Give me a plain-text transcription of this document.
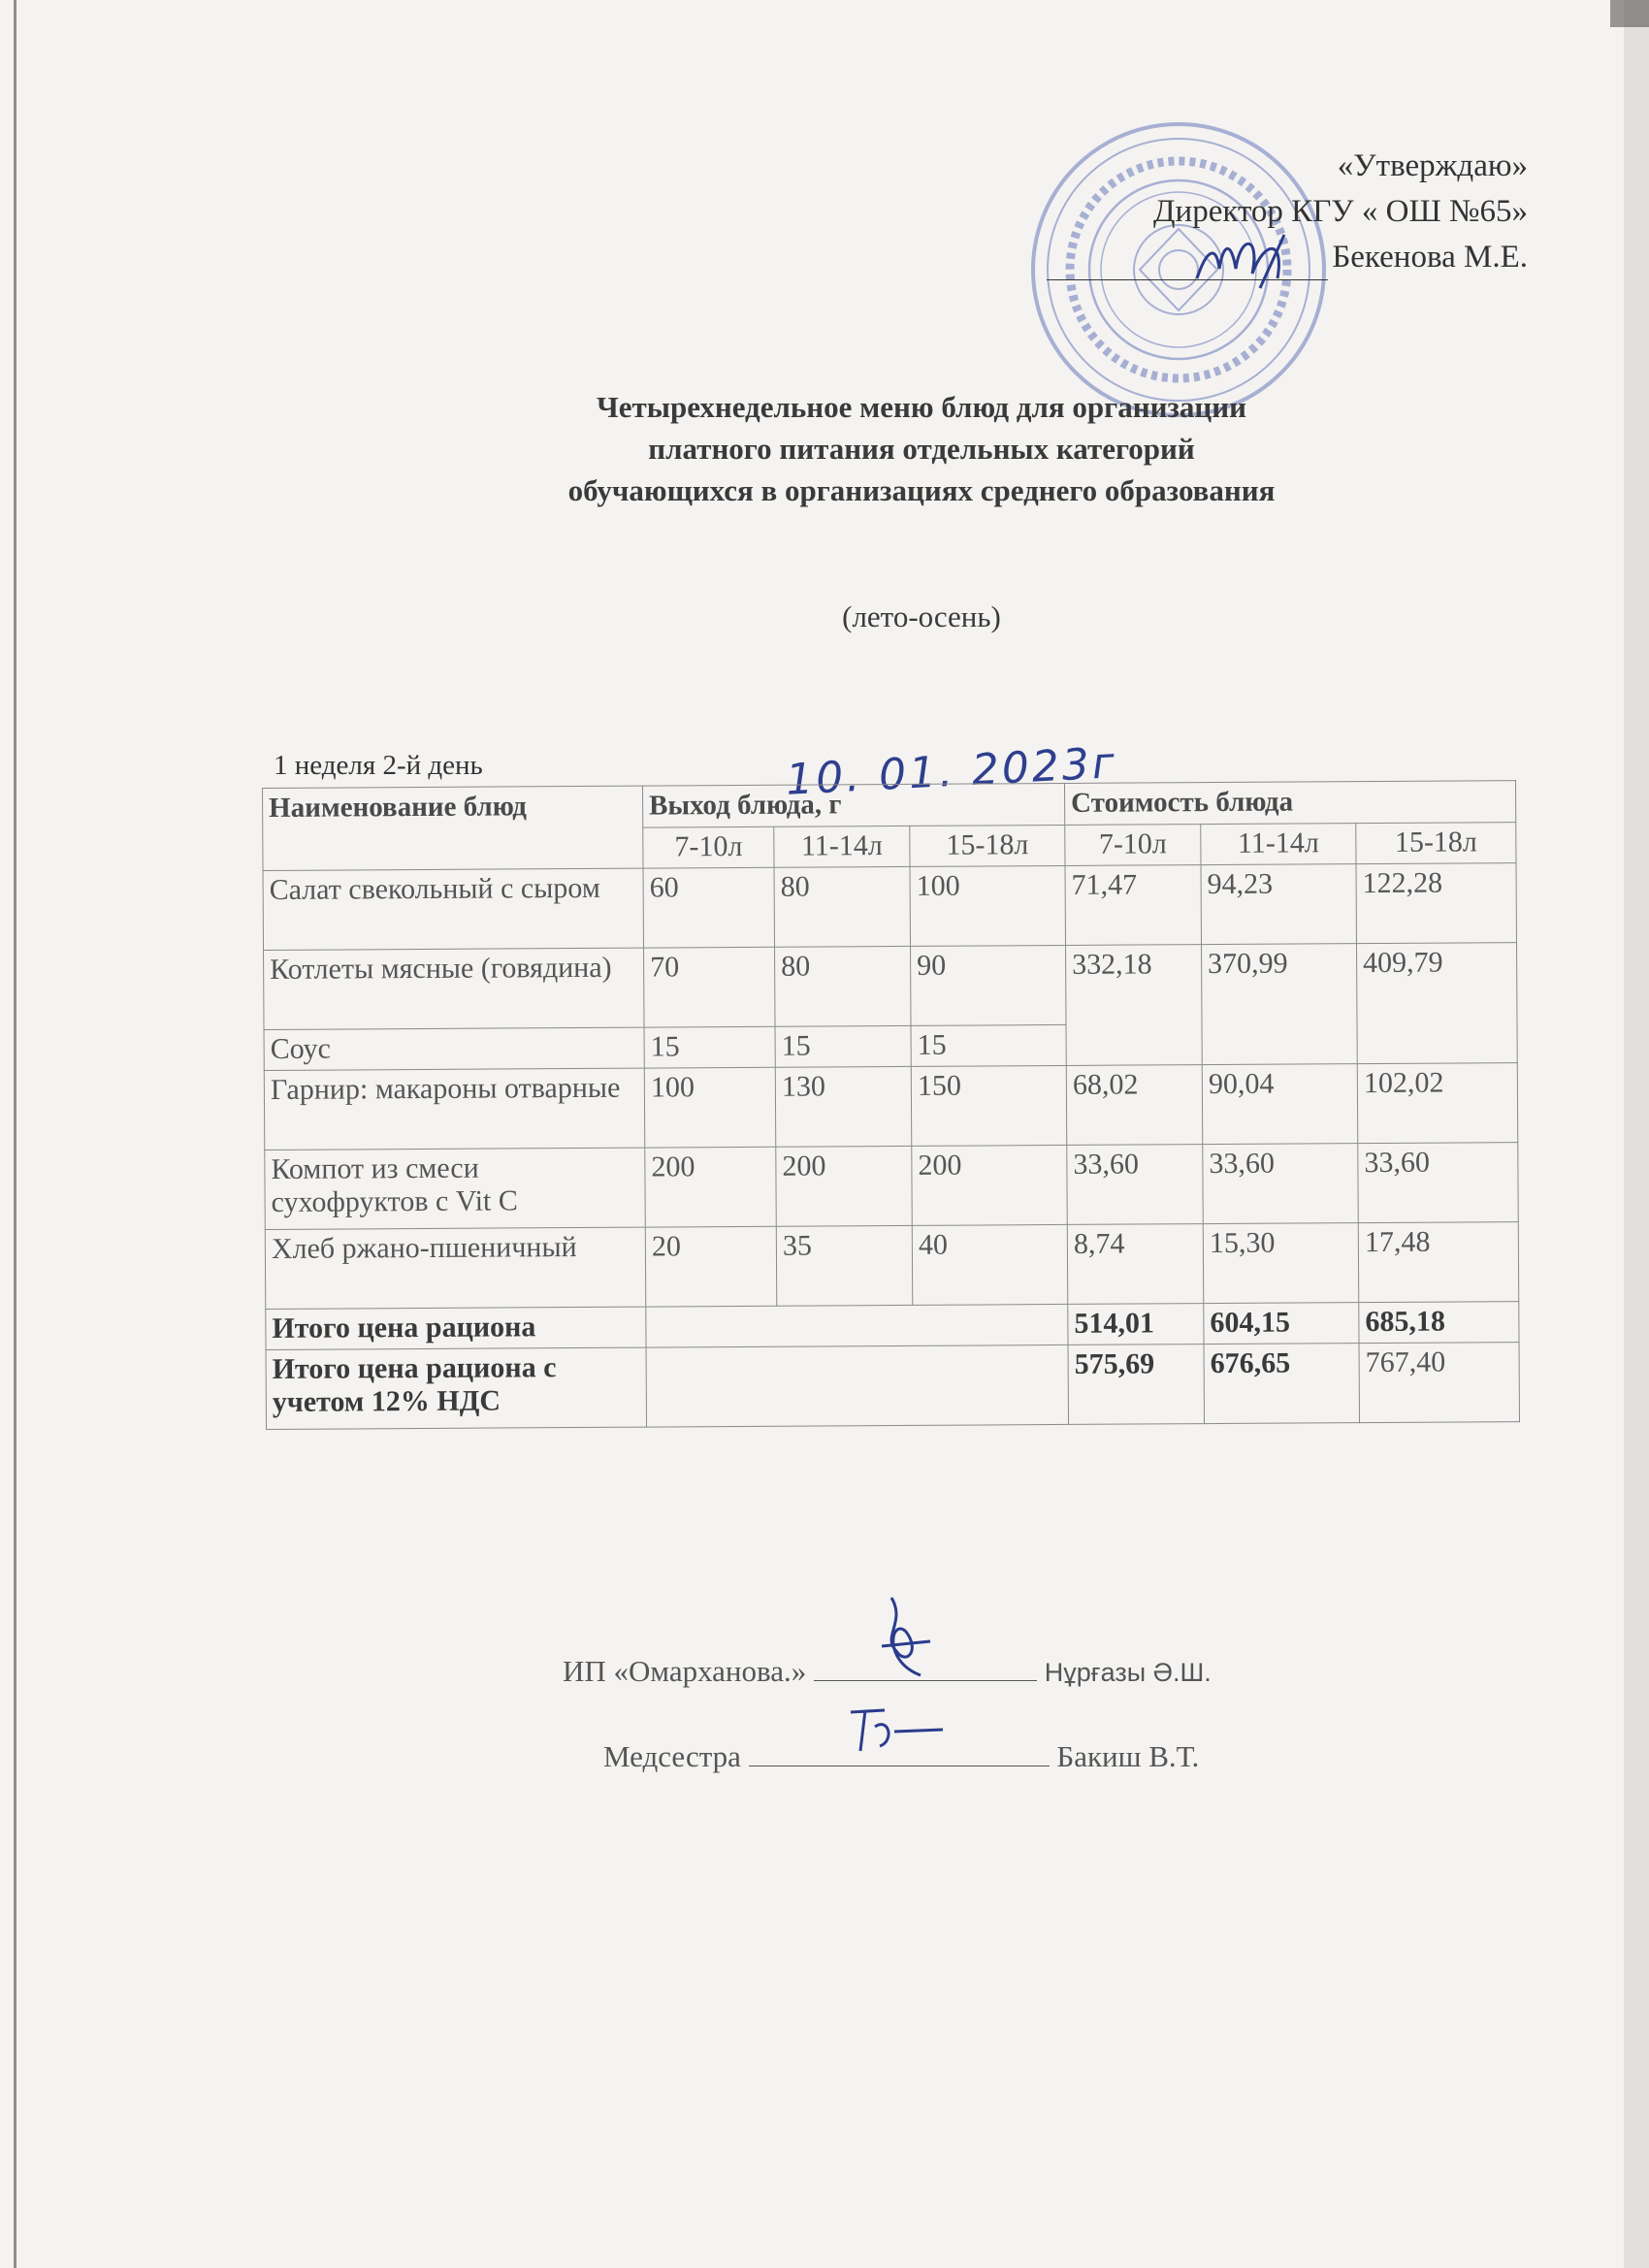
«Утверждаю»
Директор КГУ « ОШ №65»
Бекенова М.Е.
Четырехнедельное меню блюд для организации
платного питания отдельных категорий
обучающихся в организациях среднего образования
(лето-осень)
1 неделя 2-й день	10. 01. 2023г
Наименование блюд	Выход блюда, г			Стоимость блюда		
	7-10л	11-14л	15-18л	7-10л	11-14л	15-18л
Салат свекольный с сыром	60	80	100	71,47	94,23	122,28
Котлеты мясные (говядина)	70	80	90	332,18	370,99	409,79
Соус	15	15	15			
Гарнир: макароны отварные	100	130	150	68,02	90,04	102,02
Компот из смеси сухофруктов с Vit C	200	200	200	33,60	33,60	33,60
Хлеб ржано-пшеничный	20	35	40	8,74	15,30	17,48
Итого цена рациона				514,01	604,15	685,18
Итого цена рациона с учетом 12% НДС				575,69	676,65	767,40
ИП «Омарханова.»	Нұрғазы Ә.Ш.
Медсестра	Бакиш В.Т.
